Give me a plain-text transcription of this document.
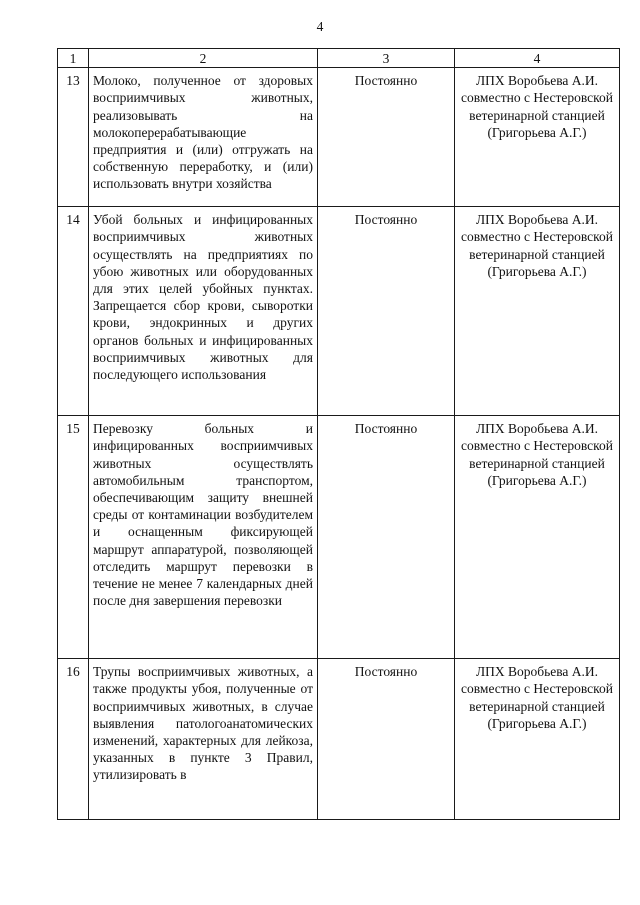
4
1	2	3	4
13	Молоко, полученное от здоровых восприимчивых животных, реализовывать на молокоперерабатывающие предприятия и (или) отгружать на собственную переработку, и (или) использовать внутри хозяйства	Постоянно	ЛПХ Воробьева А.И. совместно с Нестеровской ветеринарной станцией (Григорьева А.Г.)
14	Убой больных и инфицированных восприимчивых животных осуществлять на предприятиях по убою животных или оборудованных для этих целей убойных пунктах. Запрещается сбор крови, сыворотки крови, эндокринных и других органов больных и инфицированных восприимчивых животных для последующего использования	Постоянно	ЛПХ Воробьева А.И. совместно с Нестеровской ветеринарной станцией (Григорьева А.Г.)
15	Перевозку больных и инфицированных восприимчивых животных осуществлять автомобильным транспортом, обеспечивающим защиту внешней среды от контаминации возбудителем и оснащенным фиксирующей маршрут аппаратурой, позволяющей отследить маршрут перевозки в течение не менее 7 календарных дней после дня завершения перевозки	Постоянно	ЛПХ Воробьева А.И. совместно с Нестеровской ветеринарной станцией (Григорьева А.Г.)
16	Трупы восприимчивых животных, а также продукты убоя, полученные от восприимчивых животных, в случае выявления патологоанатомических изменений, характерных для лейкоза, указанных в пункте 3 Правил, утилизировать в	Постоянно	ЛПХ Воробьева А.И. совместно с Нестеровской ветеринарной станцией (Григорьева А.Г.)
